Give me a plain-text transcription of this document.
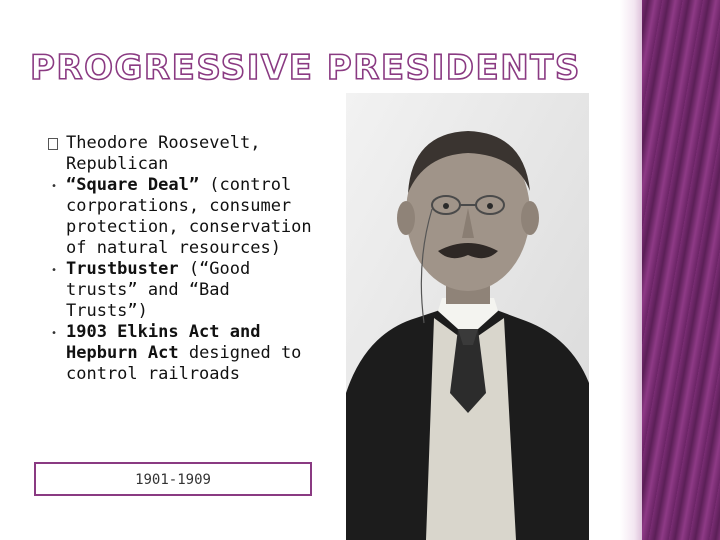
PROGRESSIVE PRESIDENTS
Theodore Roosevelt, Republican
• “Square Deal” (control corporations, consumer protection, conservation of natural resources)
• Trustbuster (“Good trusts” and “Bad Trusts”)
• 1903 Elkins Act and Hepburn Act designed to control railroads
1901-1909
